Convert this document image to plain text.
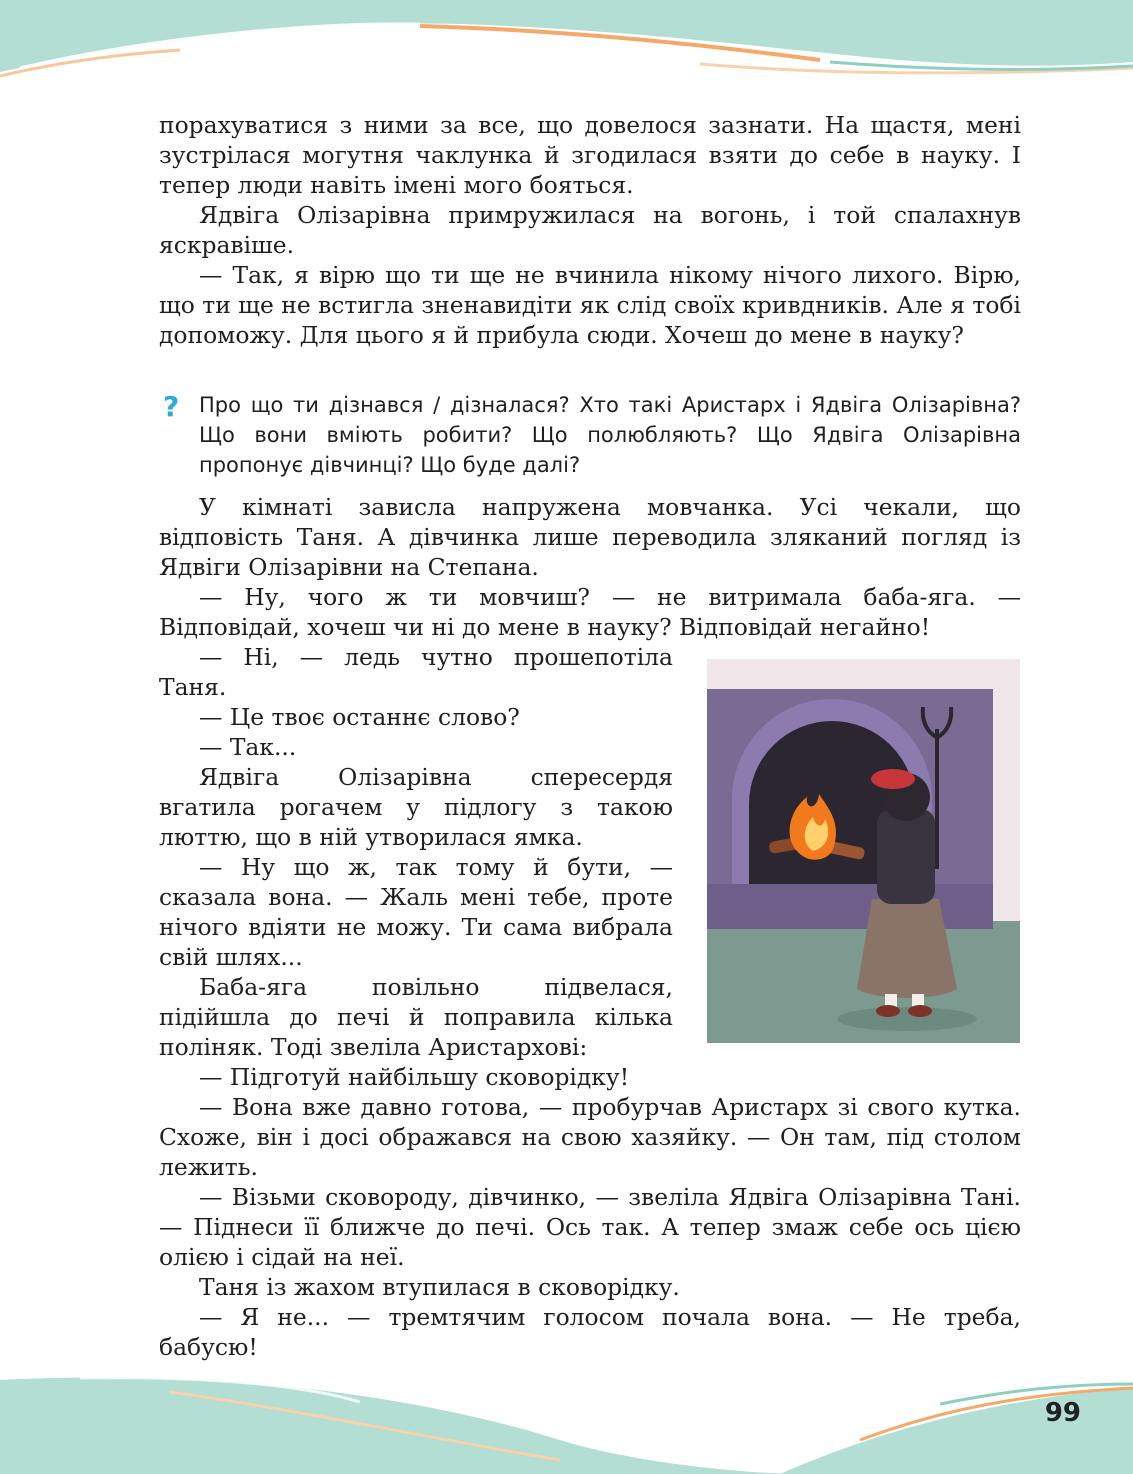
порахуватися з ними за все, що довелося зазнати. На щастя, мені зустрілася могутня чаклунка й згодилася взяти до себе в науку. І тепер люди навіть імені мого бояться.

Ядвіга Олізарівна примружилася на вогонь, і той спалахнув яскравіше.

— Так, я вірю що ти ще не вчинила нікому нічого лихого. Вірю, що ти ще не встигла зненавидіти як слід своїх кривдників. Але я тобі допоможу. Для цього я й прибула сюди. Хочеш до мене в науку?

? Про що ти дізнався / дізналася? Хто такі Аристарх і Ядвіга Олізарівна? Що вони вміють робити? Що полюбляють? Що Ядвіга Олізарівна пропонує дівчинці? Що буде далі?

У кімнаті зависла напружена мовчанка. Усі чекали, що відповість Таня. А дівчинка лише переводила зляканий погляд із Ядвіги Олізарівни на Степана.

— Ну, чого ж ти мовчиш? — не витримала баба-яга. — Відповідай, хочеш чи ні до мене в науку? Відповідай негайно!

— Ні, — ледь чутно прошепотіла Таня.

— Це твоє останнє слово?

— Так...

Ядвіга Олізарівна спересердя вгатила рогачем у підлогу з такою люттю, що в ній утворилася ямка.

— Ну що ж, так тому й бути, — сказала вона. — Жаль мені тебе, проте нічого вдіяти не можу. Ти сама вибрала свій шлях...

Баба-яга повільно підвелася, підійшла до печі й поправила кілька поліняк. Тоді звеліла Аристархові:

— Підготуй найбільшу сковорідку!

— Вона вже давно готова, — пробурчав Аристарх зі свого кутка. Схоже, він і досі ображався на свою хазяйку. — Он там, під столом лежить.

— Візьми сковороду, дівчинко, — звеліла Ядвіга Олізарівна Тані. — Піднеси її ближче до печі. Ось так. А тепер змаж себе ось цією олією і сідай на неї.

Таня із жахом втупилася в сковорідку.

— Я не... — тремтячим голосом почала вона. — Не треба, бабусю!

99
